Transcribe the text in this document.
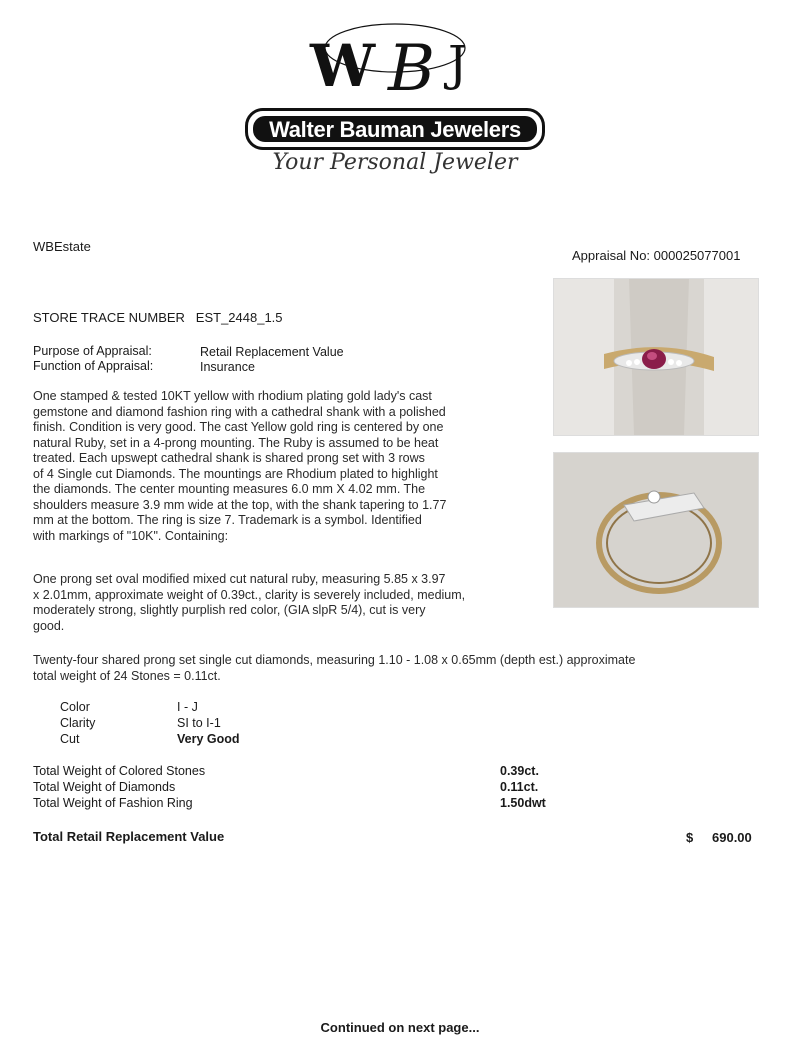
W B J
Walter Bauman Jewelers
Your Personal Jeweler
WBEstate
Appraisal No: 000025077001
STORE TRACE NUMBER EST_2448_1.5
Purpose of Appraisal:	Retail Replacement Value
Function of Appraisal:	Insurance
One stamped & tested 10KT yellow with rhodium plating gold lady's cast
gemstone and diamond fashion ring with a cathedral shank with a polished
finish. Condition is very good. The cast Yellow gold ring is centered by one
natural Ruby, set in a 4-prong mounting. The Ruby is assumed to be heat
treated. Each upswept cathedral shank is shared prong set with 3 rows
of 4 Single cut Diamonds. The mountings are Rhodium plated to highlight
the diamonds. The center mounting measures 6.0 mm X 4.02 mm. The
shoulders measure 3.9 mm wide at the top, with the shank tapering to 1.77
mm at the bottom. The ring is size 7. Trademark is a symbol. Identified
with markings of "10K". Containing:
One prong set oval modified mixed cut natural ruby, measuring 5.85 x 3.97
x 2.01mm, approximate weight of 0.39ct., clarity is severely included, medium,
moderately strong, slightly purplish red color, (GIA slpR 5/4), cut is very
good.
Twenty-four shared prong set single cut diamonds, measuring 1.10 - 1.08 x 0.65mm (depth est.) approximate
total weight of 24 Stones = 0.11ct.
Color	I - J
Clarity	SI to I-1
Cut	Very Good
Total Weight of Colored Stones	0.39ct.
Total Weight of Diamonds	0.11ct.
Total Weight of Fashion Ring	1.50dwt
Total Retail Replacement Value	$ 690.00
Continued on next page...
